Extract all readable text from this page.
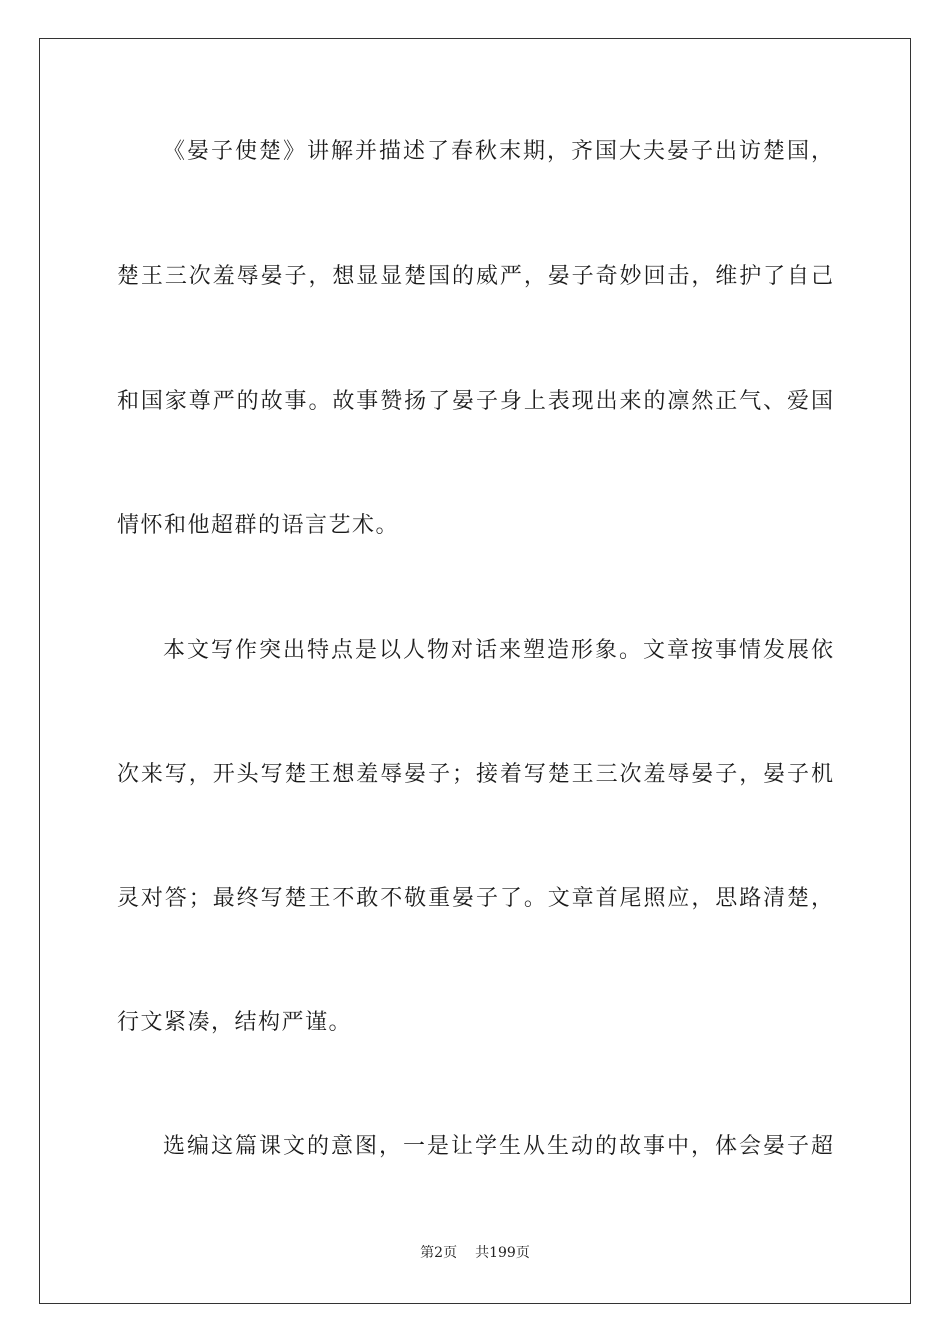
《晏子使楚》讲解并描述了春秋末期，齐国大夫晏子出访楚国，
楚王三次羞辱晏子，想显显楚国的威严，晏子奇妙回击，维护了自己
和国家尊严的故事。故事赞扬了晏子身上表现出来的凛然正气、爱国
情怀和他超群的语言艺术。
本文写作突出特点是以人物对话来塑造形象。文章按事情发展依
次来写，开头写楚王想羞辱晏子；接着写楚王三次羞辱晏子，晏子机
灵对答；最终写楚王不敢不敬重晏子了。文章首尾照应，思路清楚，
行文紧凑，结构严谨。
选编这篇课文的意图，一是让学生从生动的故事中，体会晏子超
第2页 共199页
